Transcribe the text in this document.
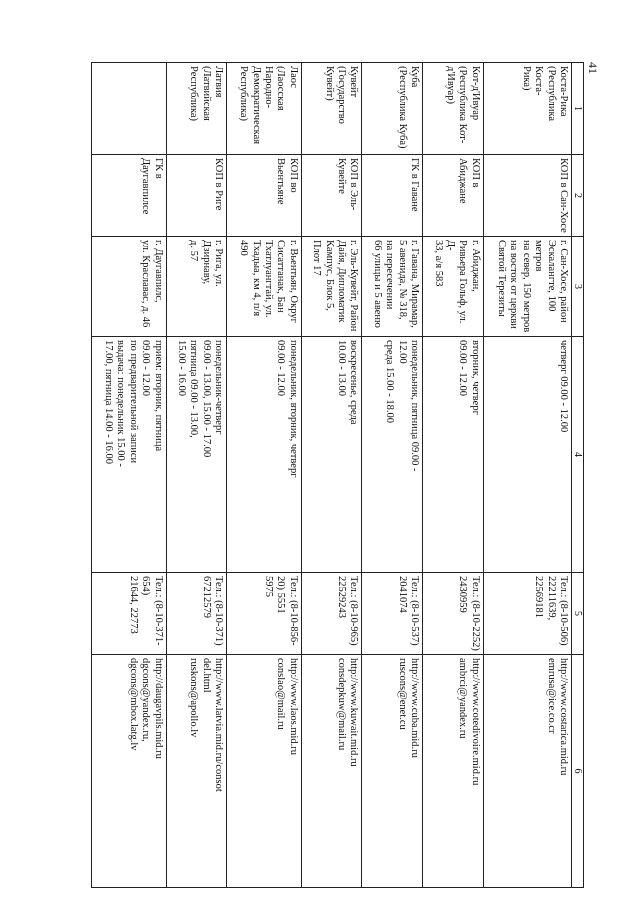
41
1	2	3	4	5	6
Коста-Рика
(Республика Коста-
Рика)	КОП в Сан-Хосе	г. Сан-Хосе, район
Эскалангте, 100 метров
на север, 150 метров
на восток от церкви
Святой Терезиты	четверг 09.00 - 12.00	Тел.: (8-10-506)
22211639, 22569181	http://www.costarica.mid.ru
emrusa@ice.co.cr
Кот-д'Ивуар
(Республика Кот-
д'Ивуар)	КОП в Абиджане	г. Абиджан,
Ривьера Гольф, ул. Д-
33, а/я 583	вторник, четверг
09.00 - 12.00	Тел.: (8-10-2252)
2430959	http://www.cotedivoire.mid.ru
ambrci@yandex.ru
Куба
(Республика Куба)	ГК в Гаване	г. Гавана, Мирамар,
5 авенида, № 318,
на пересечении
66 улицы и 5 авеню	понедельник, пятница 09.00 -
12.00
среда 15.00 - 18.00	Тел.: (8-10-537)
2041074	http://www.cuba.mid.ru
ruscons@enet.cu
Кувейт
(Государство
Кувейт)	КОП в Эль-Кувейте	г. Эль-Кувейт, Район
Дайя, Дипломатик
Кампус, Блок 5, Плот 17	воскресенье, среда
10.00 - 13.00	Тел.: (8-10-965)
22529243	http://www.kuwait.mid.ru
consdepkuw@mail.ru
Лаос
(Лаосская Народно-
Демократическая
Республика)	КОП во Вьентьяне	г. Вьентьян, Округ
Сисаттанак, Бан
Тхатлуангтай, ул.
Тхадыа, км 4, п/я 490	понедельник, вторник, четверг
09.00 - 12.00	Тел.: (8-10-856-20) 5551
5975	http://www.laos.mid.ru
conslao@mail.ru
Латвия
(Латвийская
Республика)	КОП в Риге	г. Рига, ул. Дзирнаву,
д. 57	понедельник-четверг
09.00 - 13.00, 15.00 - 17.00
пятница 09.00 - 13.00,
15.00 - 16.00	Тел.: (8-10-371)
67212579	http://www.latvia.mid.ru/consot
del.html
ruskons@apollo.lv
	ГК в Даугавпилсе	г. Даугавпилс,
ул. Краславас, д. 46	прием: вторник, пятница
09.00 - 12.00
по предварительной записи
выдача: понедельник 15.00 -
17.00, пятница 14.00 - 16.00	Тел.: (8-10-371-654)
21644, 22773	http://daugavpils.mid.ru
dgcons@yandex.ru,
dgcons@mbox.latg.lv
